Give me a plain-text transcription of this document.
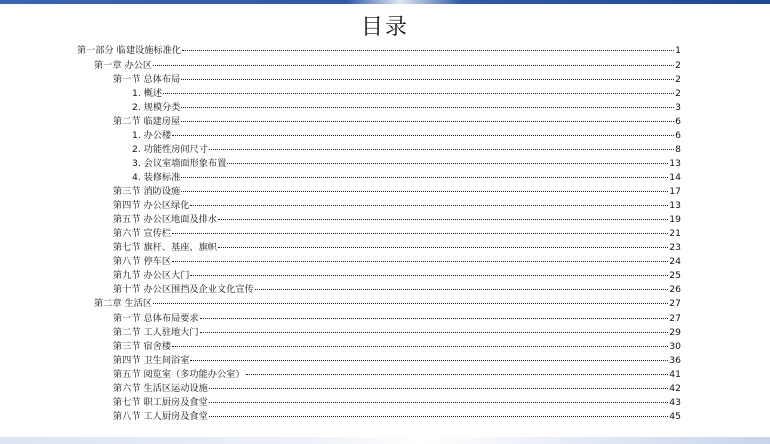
目录
第一部分 临建设施标准化	1
第一章 办公区	2
第一节 总体布局	2
1. 概述	2
2. 规模分类	3
第二节 临建房屋	6
1. 办公楼	6
2. 功能性房间尺寸	8
3. 会议室墙面形象布置	13
4. 装修标准	14
第三节 消防设施	17
第四节 办公区绿化	13
第五节 办公区地面及排水	19
第六节 宣传栏	21
第七节 旗杆、基座、旗帜	23
第八节 停车区	24
第九节 办公区大门	25
第十节 办公区围挡及企业文化宣传	26
第二章 生活区	27
第一节 总体布局要求	27
第二节 工人驻地大门	29
第三节 宿舍楼	30
第四节 卫生间浴室	36
第五节 阅览室（多功能办公室）	41
第六节 生活区运动设施	42
第七节 职工厨房及食堂	43
第八节 工人厨房及食堂	45
